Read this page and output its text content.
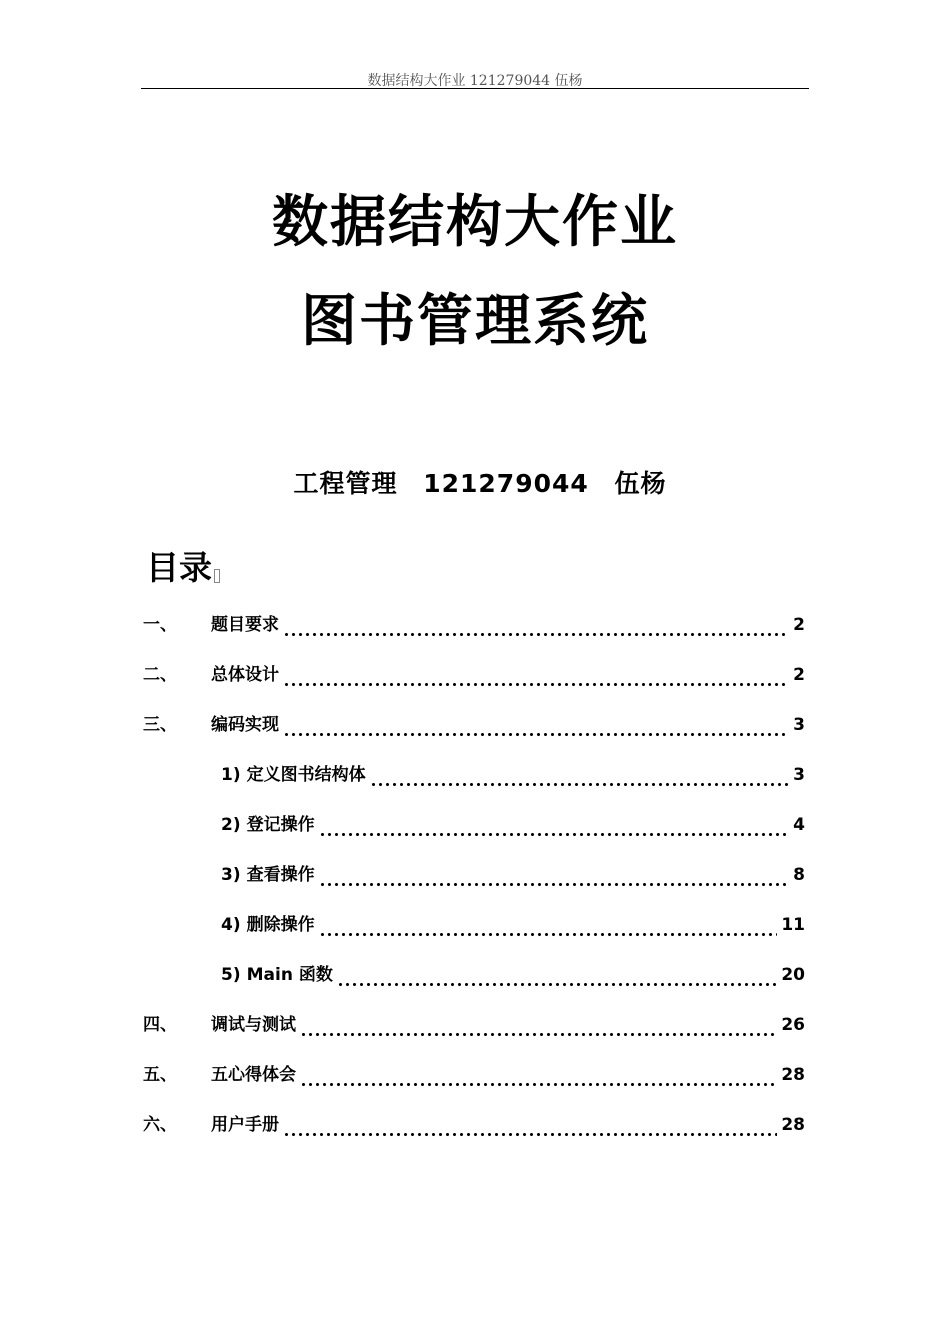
数据结构大作业 121279044 伍杨
数据结构大作业
图书管理系统
工程管理 121279044 伍杨
目录
一、	题目要求	2
二、	总体设计	2
三、	编码实现	3
1) 定义图书结构体	3
2) 登记操作	4
3) 查看操作	8
4) 删除操作	11
5) Main 函数	20
四、	调试与测试	26
五、	五心得体会	28
六、	用户手册	28
